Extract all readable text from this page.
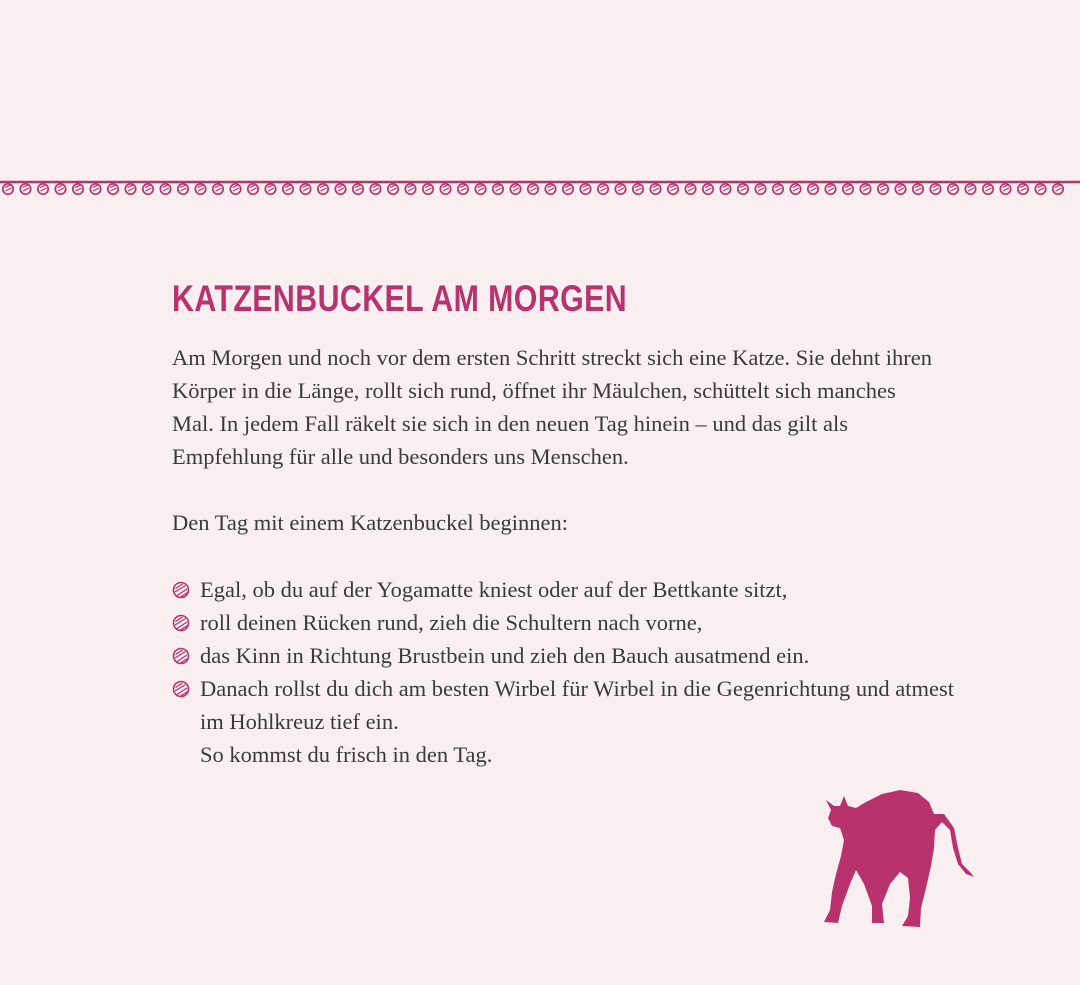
KATZENBUCKEL AM MORGEN

Am Morgen und noch vor dem ersten Schritt streckt sich eine Katze. Sie dehnt ihren Körper in die Länge, rollt sich rund, öffnet ihr Mäulchen, schüttelt sich manches Mal. In jedem Fall räkelt sie sich in den neuen Tag hinein – und das gilt als Empfehlung für alle und besonders uns Menschen.

Den Tag mit einem Katzenbuckel beginnen:

Egal, ob du auf der Yogamatte kniest oder auf der Bettkante sitzt,
roll deinen Rücken rund, zieh die Schultern nach vorne,
das Kinn in Richtung Brustbein und zieh den Bauch ausatmend ein.
Danach rollst du dich am besten Wirbel für Wirbel in die Gegenrichtung und atmest im Hohlkreuz tief ein.
So kommst du frisch in den Tag.
